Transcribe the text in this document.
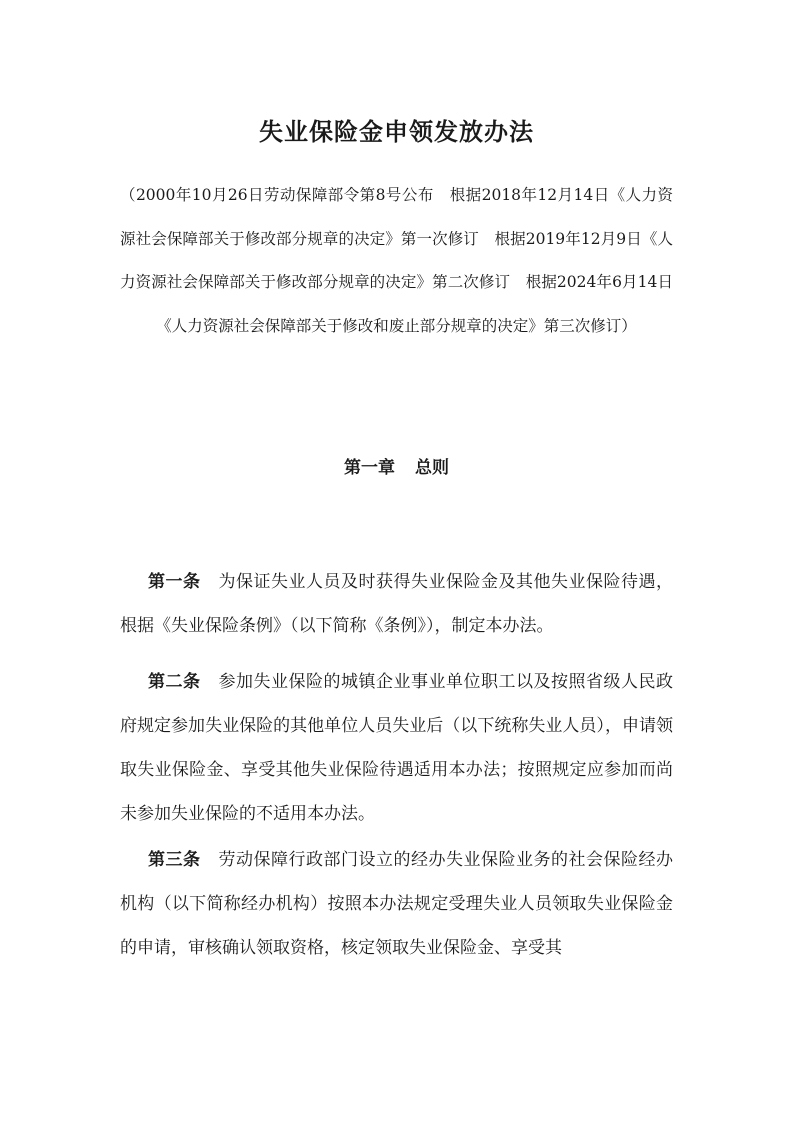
失业保险金申领发放办法
（2000年10月26日劳动保障部令第8号公布　根据2018年12月14日《人力资源社会保障部关于修改部分规章的决定》第一次修订　根据2019年12月9日《人力资源社会保障部关于修改部分规章的决定》第二次修订　根据2024年6月14日《人力资源社会保障部关于修改和废止部分规章的决定》第三次修订）
第一章 总则
第一条 为保证失业人员及时获得失业保险金及其他失业保险待遇，根据《失业保险条例》（以下简称《条例》），制定本办法。
第二条 参加失业保险的城镇企业事业单位职工以及按照省级人民政府规定参加失业保险的其他单位人员失业后（以下统称失业人员），申请领取失业保险金、享受其他失业保险待遇适用本办法；按照规定应参加而尚未参加失业保险的不适用本办法。
第三条 劳动保障行政部门设立的经办失业保险业务的社会保险经办机构（以下简称经办机构）按照本办法规定受理失业人员领取失业保险金的申请，审核确认领取资格，核定领取失业保险金、享受其
